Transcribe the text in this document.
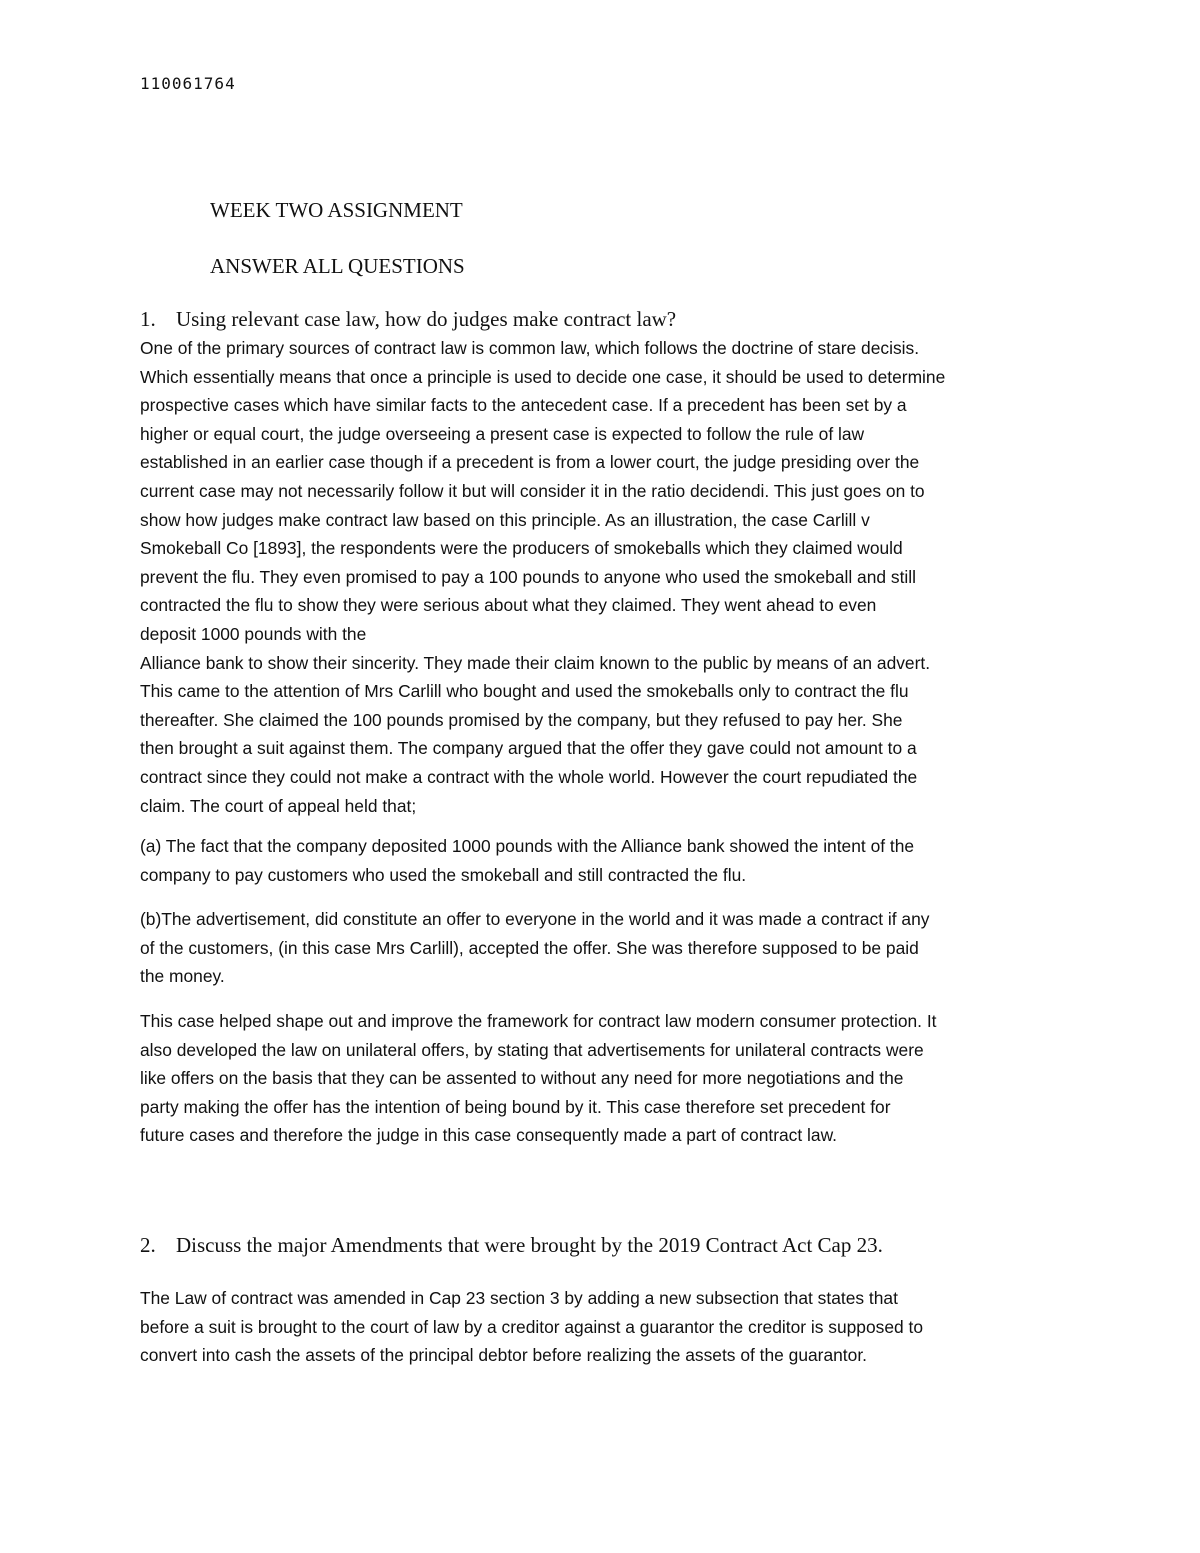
110061764
WEEK TWO ASSIGNMENT
ANSWER ALL QUESTIONS
1. Using relevant case law, how do judges make contract law?
One of the primary sources of contract law is common law, which follows the doctrine of stare decisis.
Which essentially means that once a principle is used to decide one case, it should be used to determine
prospective cases which have similar facts to the antecedent case. If a precedent has been set by a
higher or equal court, the judge overseeing a present case is expected to follow the rule of law
established in an earlier case though if a precedent is from a lower court, the judge presiding over the
current case may not necessarily follow it but will consider it in the ratio decidendi. This just goes on to
show how judges make contract law based on this principle. As an illustration, the case Carlill v
Smokeball Co [1893], the respondents were the producers of smokeballs which they claimed would
prevent the flu. They even promised to pay a 100 pounds to anyone who used the smokeball and still
contracted the flu to show they were serious about what they claimed. They went ahead to even
deposit 1000 pounds with the
Alliance bank to show their sincerity. They made their claim known to the public by means of an advert.
This came to the attention of Mrs Carlill who bought and used the smokeballs only to contract the flu
thereafter. She claimed the 100 pounds promised by the company, but they refused to pay her. She
then brought a suit against them. The company argued that the offer they gave could not amount to a
contract since they could not make a contract with the whole world. However the court repudiated the
claim. The court of appeal held that;
(a) The fact that the company deposited 1000 pounds with the Alliance bank showed the intent of the
company to pay customers who used the smokeball and still contracted the flu.
(b)The advertisement, did constitute an offer to everyone in the world and it was made a contract if any
of the customers, (in this case Mrs Carlill), accepted the offer. She was therefore supposed to be paid
the money.
This case helped shape out and improve the framework for contract law modern consumer protection. It
also developed the law on unilateral offers, by stating that advertisements for unilateral contracts were
like offers on the basis that they can be assented to without any need for more negotiations and the
party making the offer has the intention of being bound by it. This case therefore set precedent for
future cases and therefore the judge in this case consequently made a part of contract law.
2. Discuss the major Amendments that were brought by the 2019 Contract Act Cap 23.
The Law of contract was amended in Cap 23 section 3 by adding a new subsection that states that
before a suit is brought to the court of law by a creditor against a guarantor the creditor is supposed to
convert into cash the assets of the principal debtor before realizing the assets of the guarantor.
